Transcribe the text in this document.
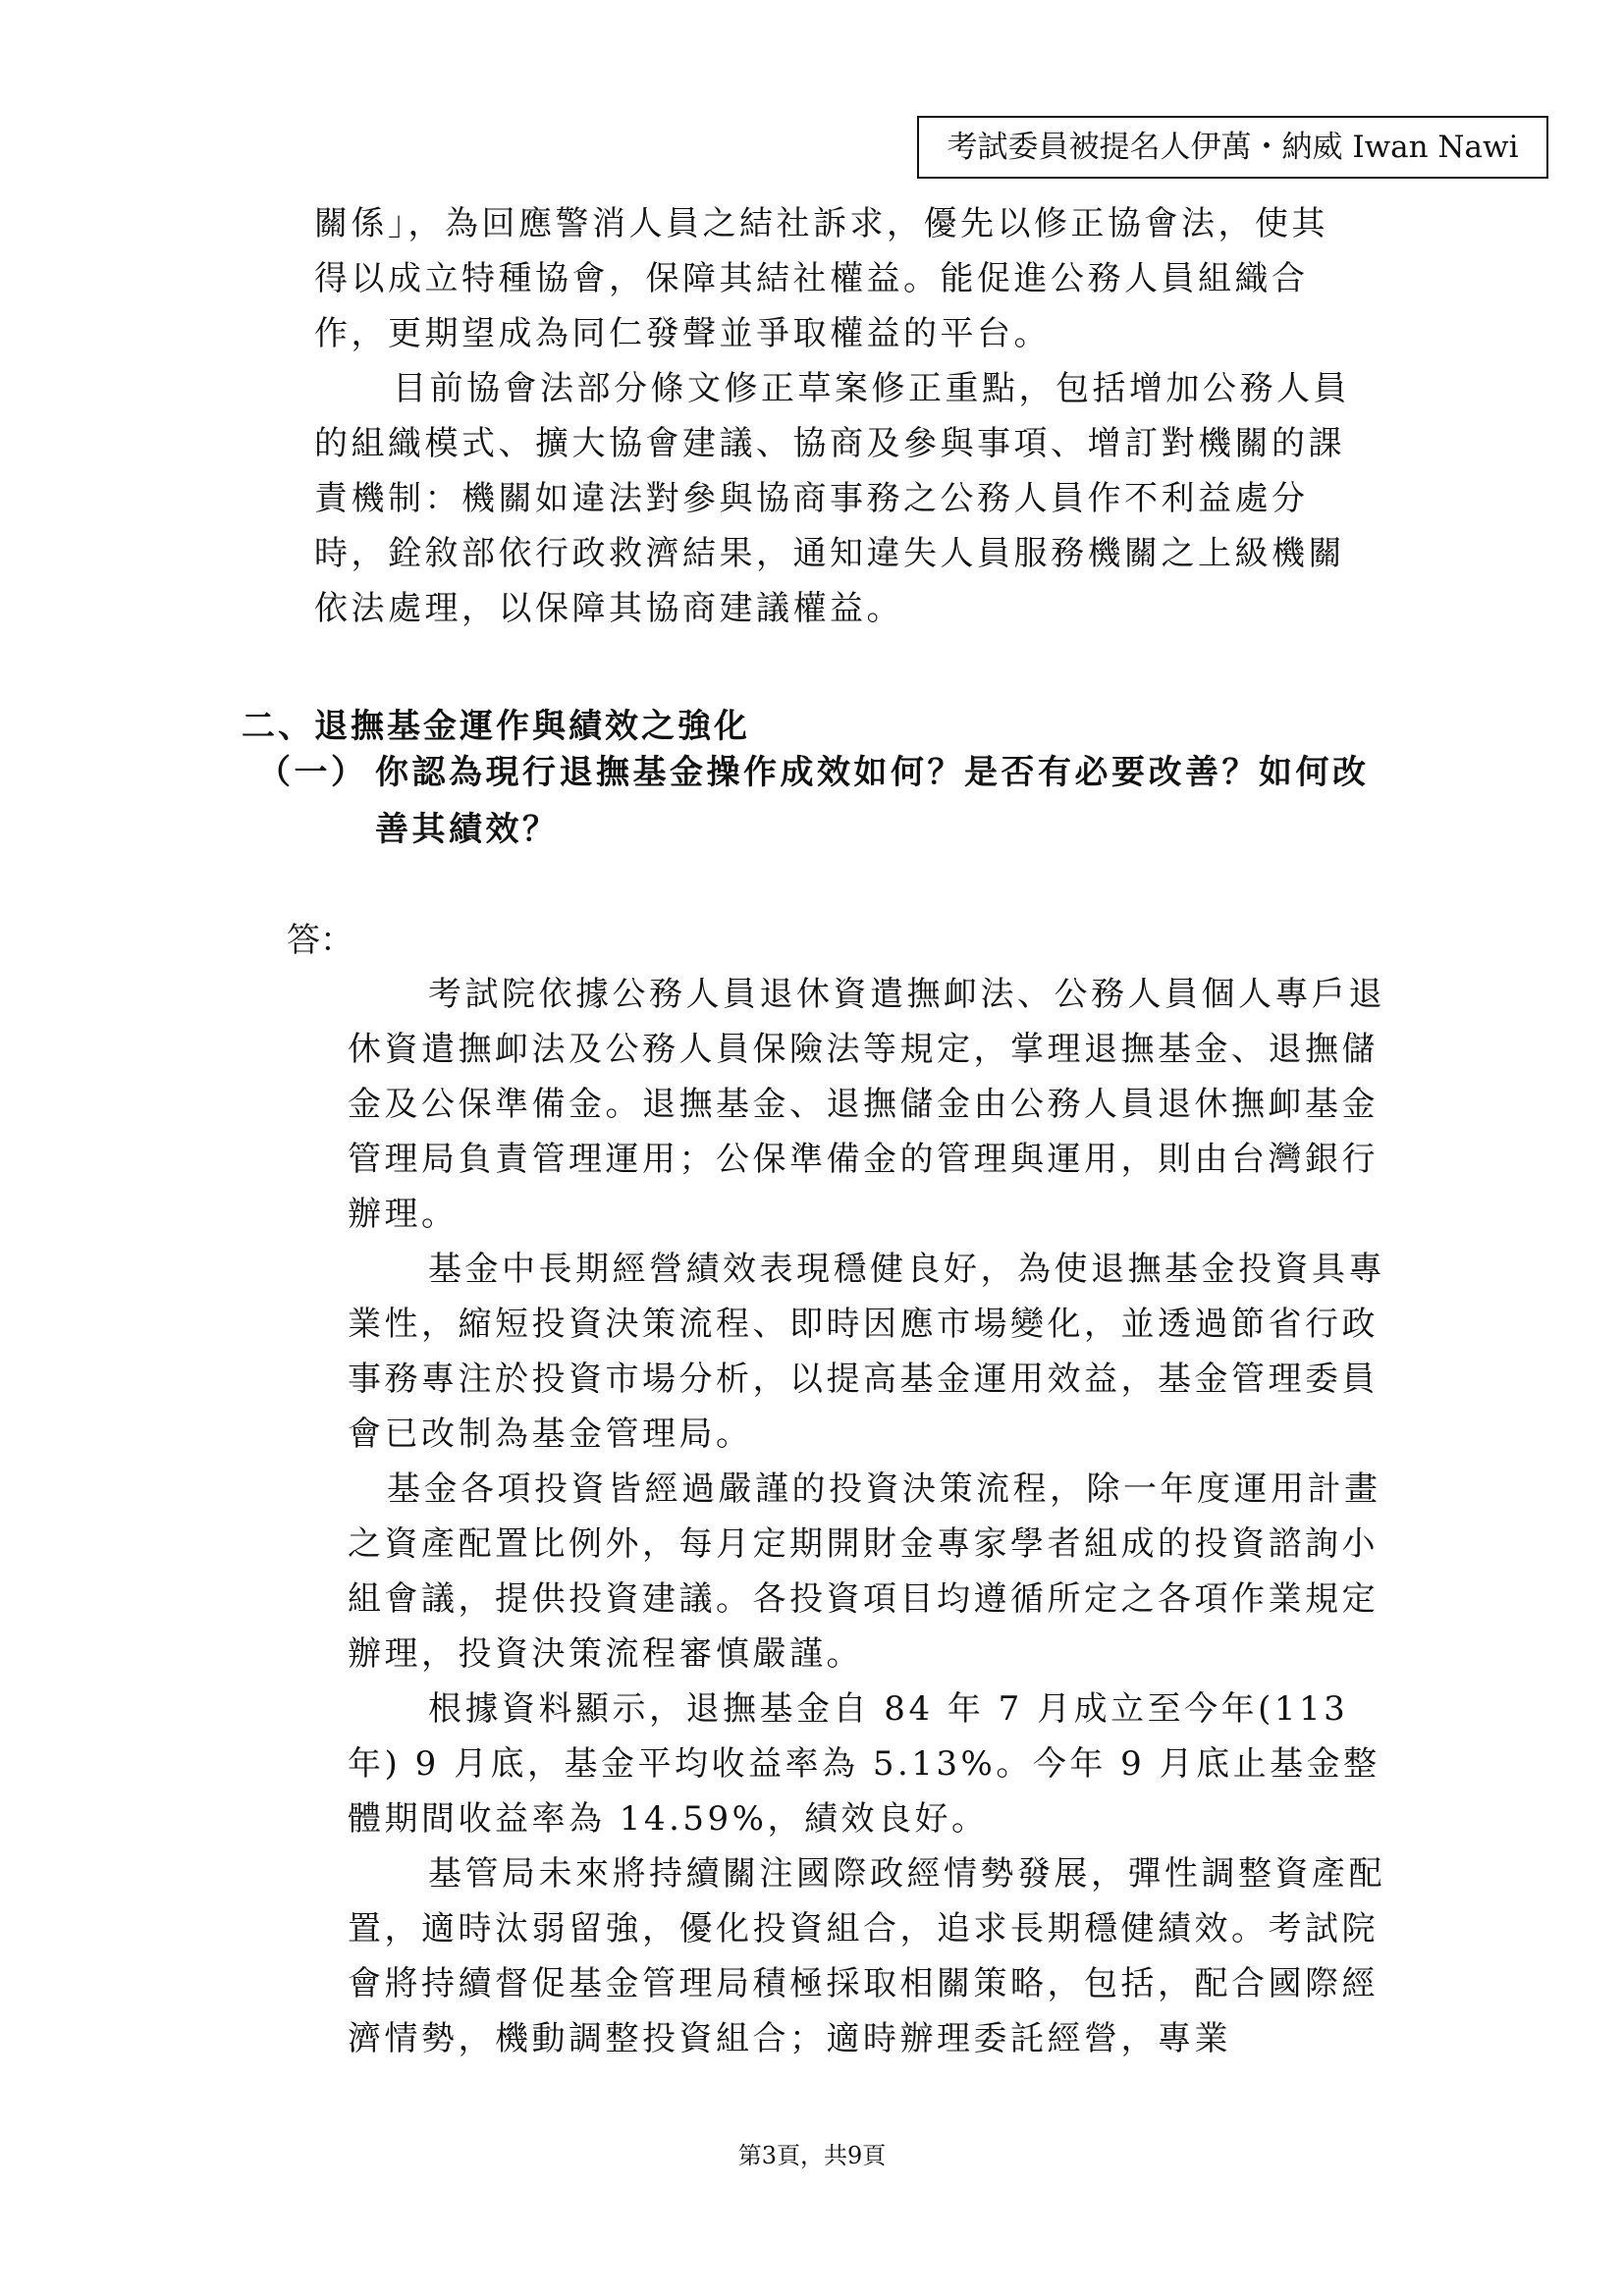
考試委員被提名人伊萬・納威 Iwan Nawi

關係」，為回應警消人員之結社訴求，優先以修正協會法，使其得以成立特種協會，保障其結社權益。能促進公務人員組織合作，更期望成為同仁發聲並爭取權益的平台。

目前協會法部分條文修正草案修正重點，包括增加公務人員的組織模式、擴大協會建議、協商及參與事項、增訂對機關的課責機制：機關如違法對參與協商事務之公務人員作不利益處分時，銓敘部依行政救濟結果，通知違失人員服務機關之上級機關依法處理，以保障其協商建議權益。

二、退撫基金運作與績效之強化
（一） 你認為現行退撫基金操作成效如何？是否有必要改善？如何改善其績效？
答：

考試院依據公務人員退休資遣撫卹法、公務人員個人專戶退休資遣撫卹法及公務人員保險法等規定，掌理退撫基金、退撫儲金及公保準備金。退撫基金、退撫儲金由公務人員退休撫卹基金管理局負責管理運用；公保準備金的管理與運用，則由台灣銀行辦理。

基金中長期經營績效表現穩健良好，為使退撫基金投資具專業性，縮短投資決策流程、即時因應市場變化，並透過節省行政事務專注於投資市場分析，以提高基金運用效益，基金管理委員會已改制為基金管理局。

基金各項投資皆經過嚴謹的投資決策流程，除一年度運用計畫之資產配置比例外，每月定期開財金專家學者組成的投資諮詢小組會議，提供投資建議。各投資項目均遵循所定之各項作業規定辦理，投資決策流程審慎嚴謹。

根據資料顯示，退撫基金自 84 年 7 月成立至今年(113 年) 9 月底，基金平均收益率為 5.13%。今年 9 月底止基金整體期間收益率為 14.59%，績效良好。

基管局未來將持續關注國際政經情勢發展，彈性調整資產配置，適時汰弱留強，優化投資組合，追求長期穩健績效。考試院會將持續督促基金管理局積極採取相關策略，包括，配合國際經濟情勢，機動調整投資組合；適時辦理委託經營，專業

第3頁，共9頁
